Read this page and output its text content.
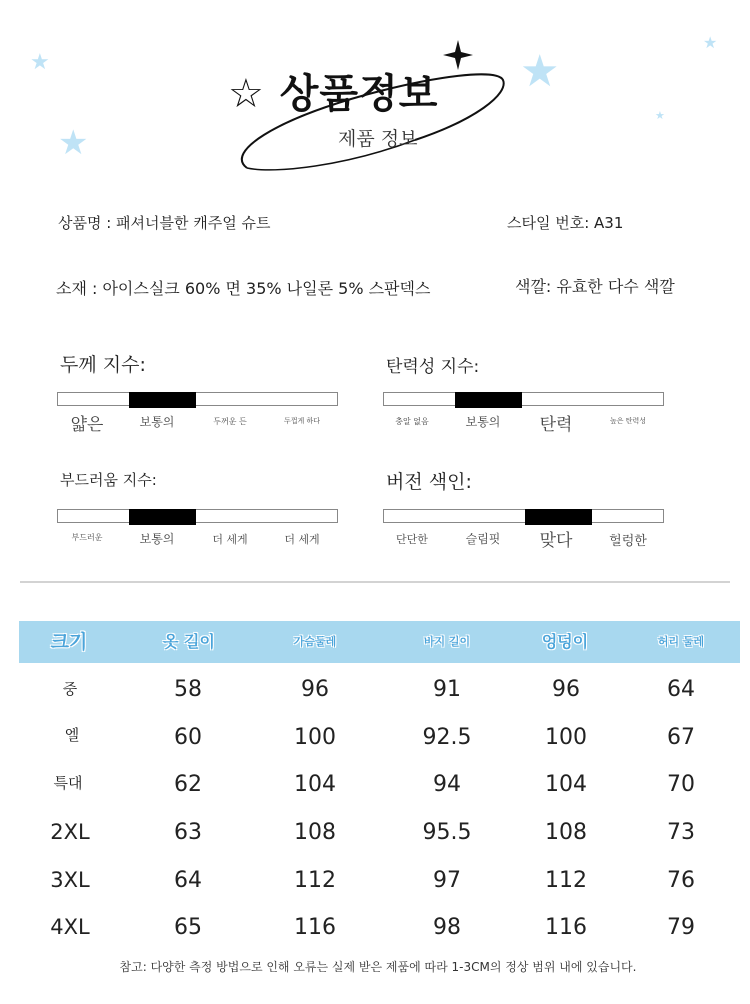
★
★
★
★
★
☆ 상품정보
제품 정보
상품명 : 패셔너블한 캐주얼 슈트	스타일 번호: A31
소재 : 아이스실크 60% 면 35% 나일론 5% 스판덱스	색깔: 유효한 다수 색깔
두께 지수:
얇은	보통의	두꺼운 든	두껍게 하다
탄력성 지수:
충알 없음	보통의	탄력	높은 탄력성
부드러움 지수:
부드러운	보통의	더 세게	더 세게
버전 색인:
단단한	슬림핏	맞다	헐렁한
크기	옷 길이	가슴둘레	바지 길이	엉덩이	허리 둘레
중	58	96	91	96	64
엘	60	100	92.5	100	67
특대	62	104	94	104	70
2XL	63	108	95.5	108	73
3XL	64	112	97	112	76
4XL	65	116	98	116	79
참고: 다양한 측정 방법으로 인해 오류는 실제 받은 제품에 따라 1-3CM의 정상 범위 내에 있습니다.
